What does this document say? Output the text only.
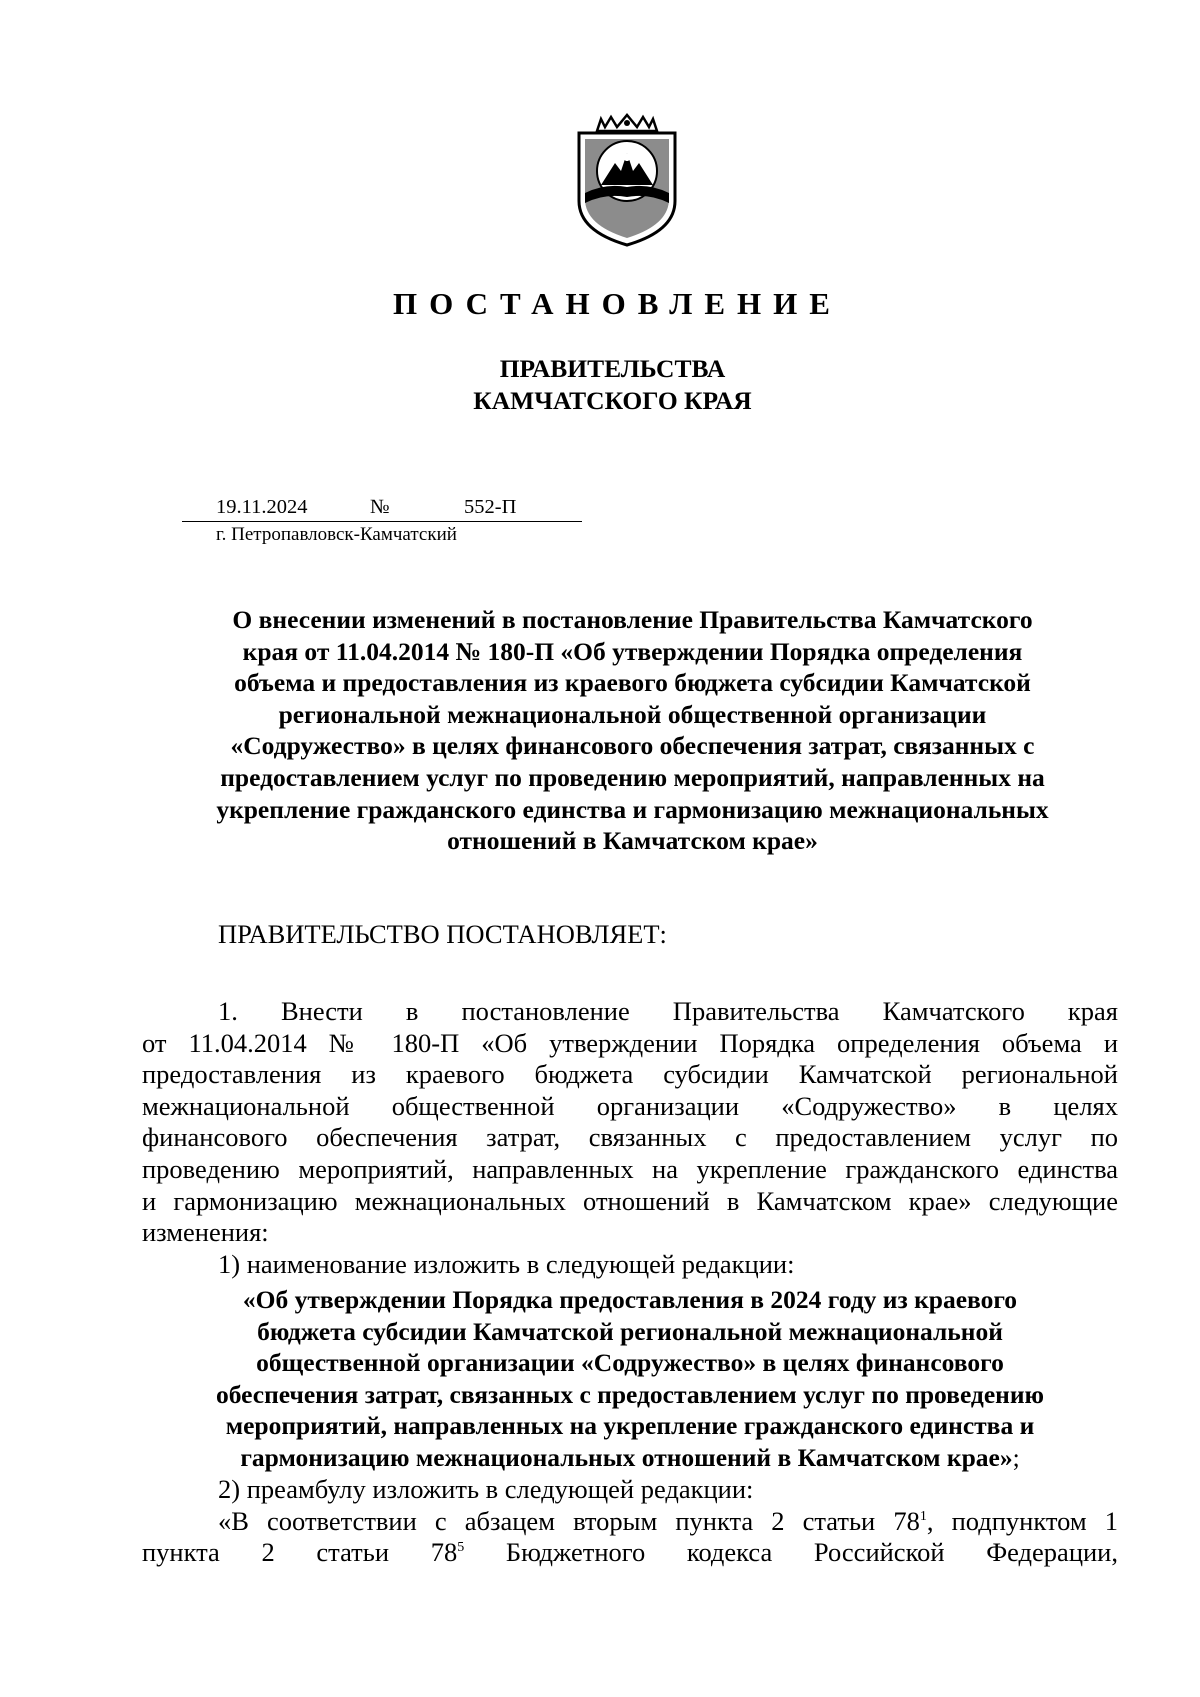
ПОСТАНОВЛЕНИЕ
ПРАВИТЕЛЬСТВА
КАМЧАТСКОГО КРАЯ
19.11.2024	№	552-П
г. Петропавловск-Камчатский
О внесении изменений в постановление Правительства Камчатского
края от 11.04.2014 № 180-П «Об утверждении Порядка определения
объема и предоставления из краевого бюджета субсидии Камчатской
региональной межнациональной общественной организации
«Содружество» в целях финансового обеспечения затрат, связанных с
предоставлением услуг по проведению мероприятий, направленных на
укрепление гражданского единства и гармонизацию межнациональных
отношений в Камчатском крае»
ПРАВИТЕЛЬСТВО ПОСТАНОВЛЯЕТ:
1. Внести в постановление Правительства Камчатского края
от 11.04.2014 № 180-П «Об утверждении Порядка определения объема и
предоставления из краевого бюджета субсидии Камчатской региональной
межнациональной общественной организации «Содружество» в целях
финансового обеспечения затрат, связанных с предоставлением услуг по
проведению мероприятий, направленных на укрепление гражданского единства
и гармонизацию межнациональных отношений в Камчатском крае» следующие
изменения:
1) наименование изложить в следующей редакции:
«Об утверждении Порядка предоставления в 2024 году из краевого
бюджета субсидии Камчатской региональной межнациональной
общественной организации «Содружество» в целях финансового
обеспечения затрат, связанных с предоставлением услуг по проведению
мероприятий, направленных на укрепление гражданского единства и
гармонизацию межнациональных отношений в Камчатском крае»;
2) преамбулу изложить в следующей редакции:
«В соответствии с абзацем вторым пункта 2 статьи $78^1$, подпунктом 1
пункта 2 статьи $78^5$ Бюджетного кодекса Российской Федерации,
